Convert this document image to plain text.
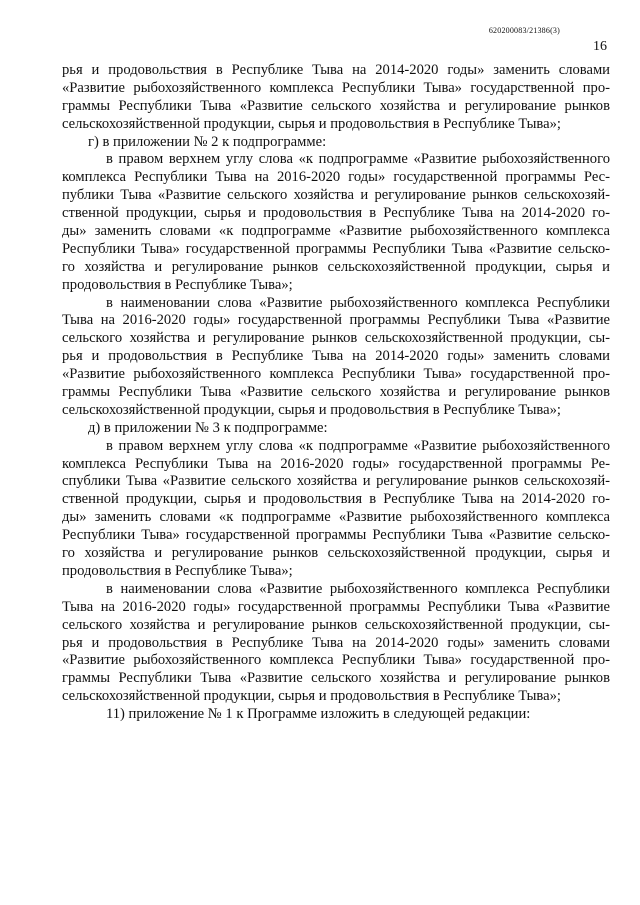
620200083/21386(3)
16
рья и продовольствия в Республике Тыва на 2014-2020 годы» заменить словами
«Развитие рыбохозяйственного комплекса Республики Тыва» государственной про-
граммы Республики Тыва «Развитие сельского хозяйства и регулирование рынков
сельскохозяйственной продукции, сырья и продовольствия в Республике Тыва»;
г) в приложении № 2 к подпрограмме:
в правом верхнем углу слова «к подпрограмме «Развитие рыбохозяйственного
комплекса Республики Тыва на 2016-2020 годы» государственной программы Рес-
публики Тыва «Развитие сельского хозяйства и регулирование рынков сельскохозяй-
ственной продукции, сырья и продовольствия в Республике Тыва на 2014-2020 го-
ды» заменить словами «к подпрограмме «Развитие рыбохозяйственного комплекса
Республики Тыва» государственной программы Республики Тыва «Развитие сельско-
го хозяйства и регулирование рынков сельскохозяйственной продукции, сырья и
продовольствия в Республике Тыва»;
в наименовании слова «Развитие рыбохозяйственного комплекса Республики
Тыва на 2016-2020 годы» государственной программы Республики Тыва «Развитие
сельского хозяйства и регулирование рынков сельскохозяйственной продукции, сы-
рья и продовольствия в Республике Тыва на 2014-2020 годы» заменить словами
«Развитие рыбохозяйственного комплекса Республики Тыва» государственной про-
граммы Республики Тыва «Развитие сельского хозяйства и регулирование рынков
сельскохозяйственной продукции, сырья и продовольствия в Республике Тыва»;
д) в приложении № 3 к подпрограмме:
в правом верхнем углу слова «к подпрограмме «Развитие рыбохозяйственного
комплекса Республики Тыва на 2016-2020 годы» государственной программы Ре-
спублики Тыва «Развитие сельского хозяйства и регулирование рынков сельскохозяй-
ственной продукции, сырья и продовольствия в Республике Тыва на 2014-2020 го-
ды» заменить словами «к подпрограмме «Развитие рыбохозяйственного комплекса
Республики Тыва» государственной программы Республики Тыва «Развитие сельско-
го хозяйства и регулирование рынков сельскохозяйственной продукции, сырья и
продовольствия в Республике Тыва»;
в наименовании слова «Развитие рыбохозяйственного комплекса Республики
Тыва на 2016-2020 годы» государственной программы Республики Тыва «Развитие
сельского хозяйства и регулирование рынков сельскохозяйственной продукции, сы-
рья и продовольствия в Республике Тыва на 2014-2020 годы» заменить словами
«Развитие рыбохозяйственного комплекса Республики Тыва» государственной про-
граммы Республики Тыва «Развитие сельского хозяйства и регулирование рынков
сельскохозяйственной продукции, сырья и продовольствия в Республике Тыва»;
11) приложение № 1 к Программе изложить в следующей редакции:
